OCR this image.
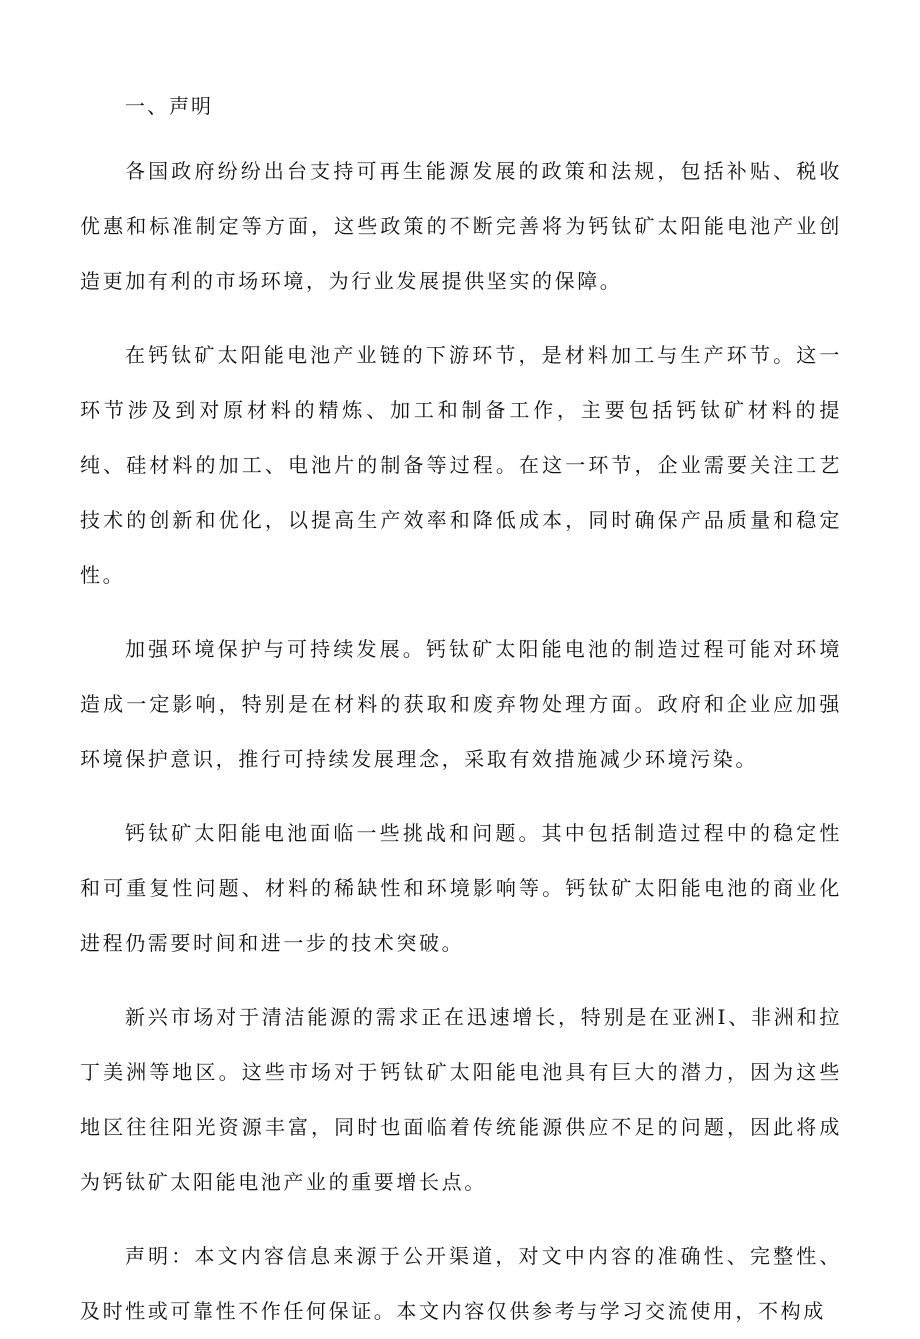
一、声明

各国政府纷纷出台支持可再生能源发展的政策和法规，包括补贴、税收优惠和标准制定等方面，这些政策的不断完善将为钙钛矿太阳能电池产业创造更加有利的市场环境，为行业发展提供坚实的保障。

在钙钛矿太阳能电池产业链的下游环节，是材料加工与生产环节。这一环节涉及到对原材料的精炼、加工和制备工作，主要包括钙钛矿材料的提纯、硅材料的加工、电池片的制备等过程。在这一环节，企业需要关注工艺技术的创新和优化，以提高生产效率和降低成本，同时确保产品质量和稳定性。

加强环境保护与可持续发展。钙钛矿太阳能电池的制造过程可能对环境造成一定影响，特别是在材料的获取和废弃物处理方面。政府和企业应加强环境保护意识，推行可持续发展理念，采取有效措施减少环境污染。

钙钛矿太阳能电池面临一些挑战和问题。其中包括制造过程中的稳定性和可重复性问题、材料的稀缺性和环境影响等。钙钛矿太阳能电池的商业化进程仍需要时间和进一步的技术突破。

新兴市场对于清洁能源的需求正在迅速增长，特别是在亚洲I、非洲和拉丁美洲等地区。这些市场对于钙钛矿太阳能电池具有巨大的潜力，因为这些地区往往阳光资源丰富，同时也面临着传统能源供应不足的问题，因此将成为钙钛矿太阳能电池产业的重要增长点。

声明：本文内容信息来源于公开渠道，对文中内容的准确性、完整性、及时性或可靠性不作任何保证。本文内容仅供参考与学习交流使用，不构成
